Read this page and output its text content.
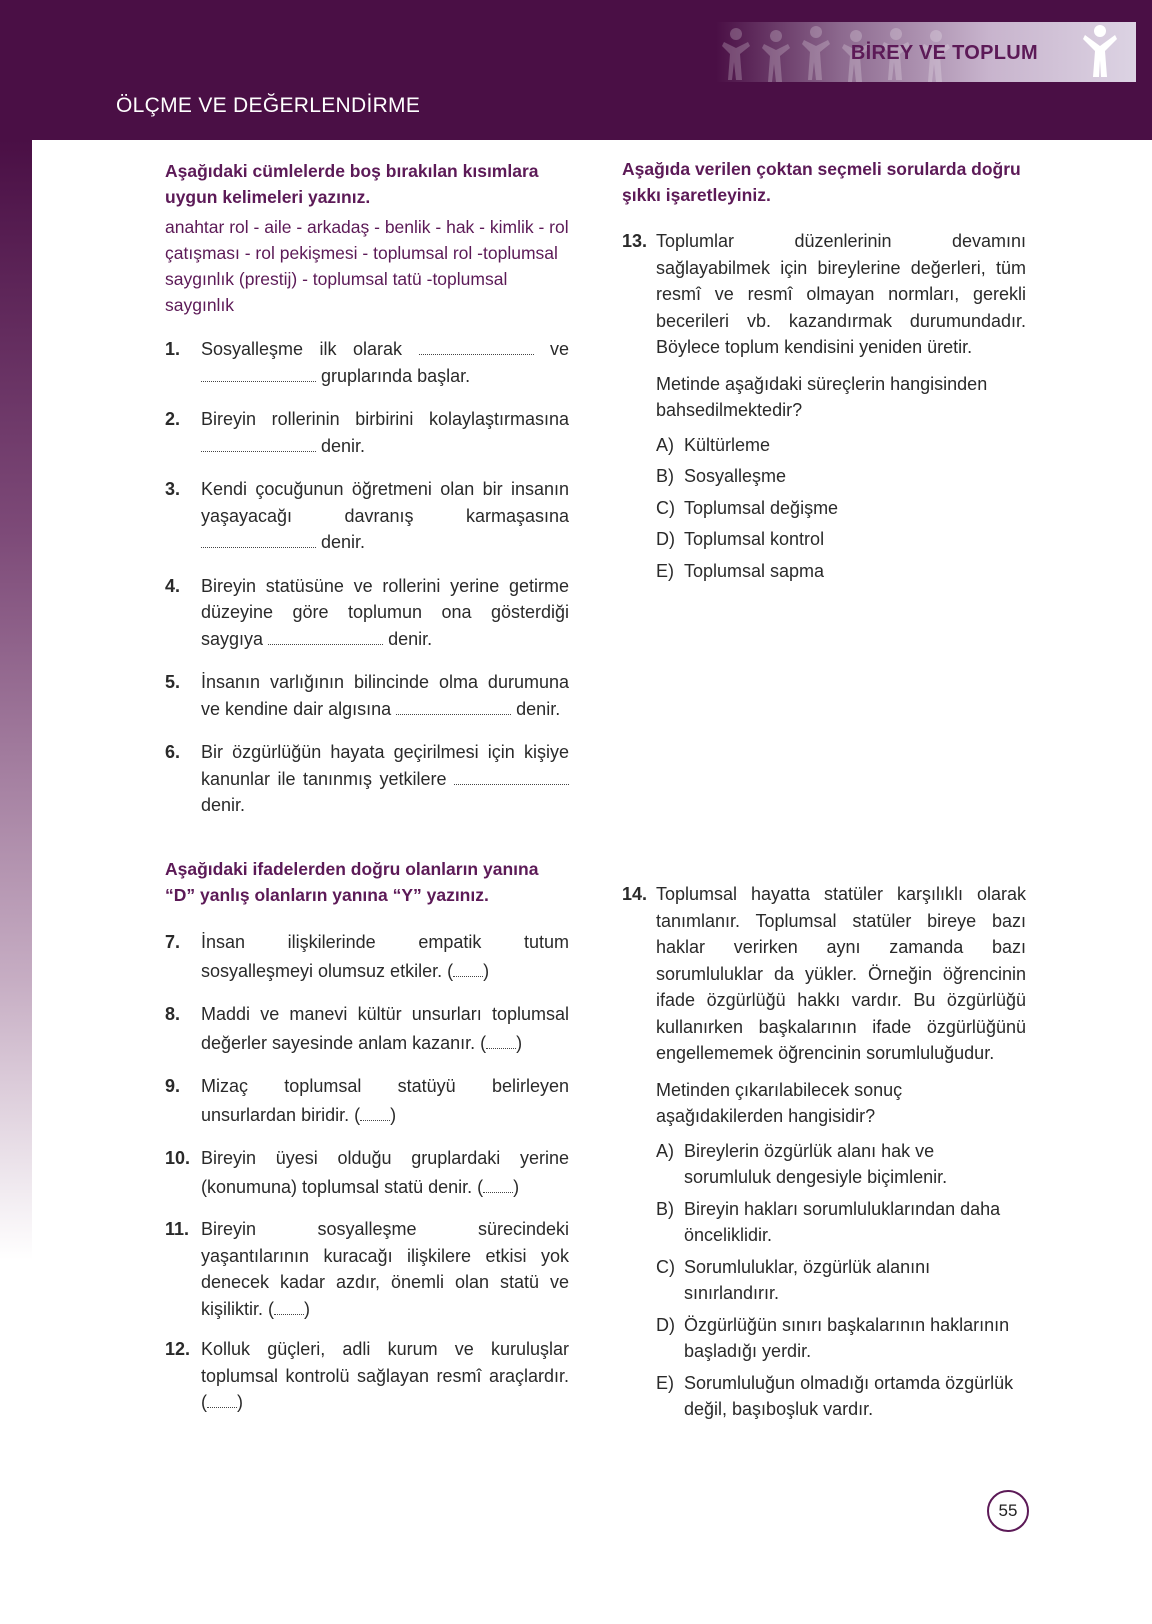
ÖLÇME VE DEĞERLENDİRME
BİREY VE TOPLUM

Aşağıdaki cümlelerde boş bırakılan kısımlara uygun kelimeleri yazınız.

anahtar rol - aile - arkadaş - benlik - hak - kimlik - rol çatışması - rol pekişmesi - toplumsal rol -toplumsal saygınlık (prestij) - toplumsal tatü -toplumsal saygınlık

1.	Sosyalleşme ilk olarak	ve
gruplarında başlar.
2.	Bireyin rollerinin birbirini kolaylaştırmasına  denir.
3.	Kendi çocuğunun öğretmeni olan bir insanın yaşayacağı davranış karmaşasına  denir.
4.	Bireyin statüsüne ve rollerini yerine getirme düzeyine göre toplumun ona gösterdiği saygıya	denir.
5.	İnsanın varlığının bilincinde olma durumuna ve kendine dair algısına	denir.
6.	Bir özgürlüğün hayata geçirilmesi için kişiye kanunlar ile tanınmış yetkilere  denir.

Aşağıdaki ifadelerden doğru olanların yanına “D” yanlış olanların yanına “Y” yazınız.

7.	İnsan ilişkilerinde empatik tutum sosyalleşmeyi olumsuz etkiler. ( )
8.	Maddi ve manevi kültür unsurları toplumsal değerler sayesinde anlam kazanır. ( )
9.	Mizaç toplumsal statüyü belirleyen unsurlardan biridir. ( )
10. Bireyin üyesi olduğu gruplardaki yerine (konumuna) toplumsal statü denir. ( )
11. Bireyin sosyalleşme sürecindeki yaşantılarının kuracağı ilişkilere etkisi yok denecek kadar azdır, önemli olan statü ve kişiliktir. ( )
12. Kolluk güçleri, adli kurum ve kuruluşlar toplumsal kontrolü sağlayan resmî araçlardır. ( )

Aşağıda verilen çoktan seçmeli sorularda doğru şıkkı işaretleyiniz.

13. Toplumlar düzenlerinin devamını sağlayabilmek için bireylerine değerleri, tüm resmî ve resmî olmayan normları, gerekli becerileri vb. kazandırmak durumundadır. Böylece toplum kendisini yeniden üretir.
Metinde aşağıdaki süreçlerin hangisinden bahsedilmektedir?
A) Kültürleme
B) Sosyalleşme
C) Toplumsal değişme
D) Toplumsal kontrol
E) Toplumsal sapma
14. Toplumsal hayatta statüler karşılıklı olarak tanımlanır. Toplumsal statüler bireye bazı haklar verirken aynı zamanda bazı sorumluluklar da yükler. Örneğin öğrencinin ifade özgürlüğü hakkı vardır. Bu özgürlüğü kullanırken başkalarının ifade özgürlüğünü engellememek öğrencinin sorumluluğudur.
Metinden çıkarılabilecek sonuç aşağıdakilerden hangisidir?
A) Bireylerin özgürlük alanı hak ve sorumluluk dengesiyle biçimlenir.
B) Bireyin hakları sorumluluklarından daha önceliklidir.
C) Sorumluluklar, özgürlük alanını sınırlandırır.
D) Özgürlüğün sınırı başkalarının haklarının başladığı yerdir.
E) Sorumluluğun olmadığı ortamda özgürlük değil, başıboşluk vardır.
55
